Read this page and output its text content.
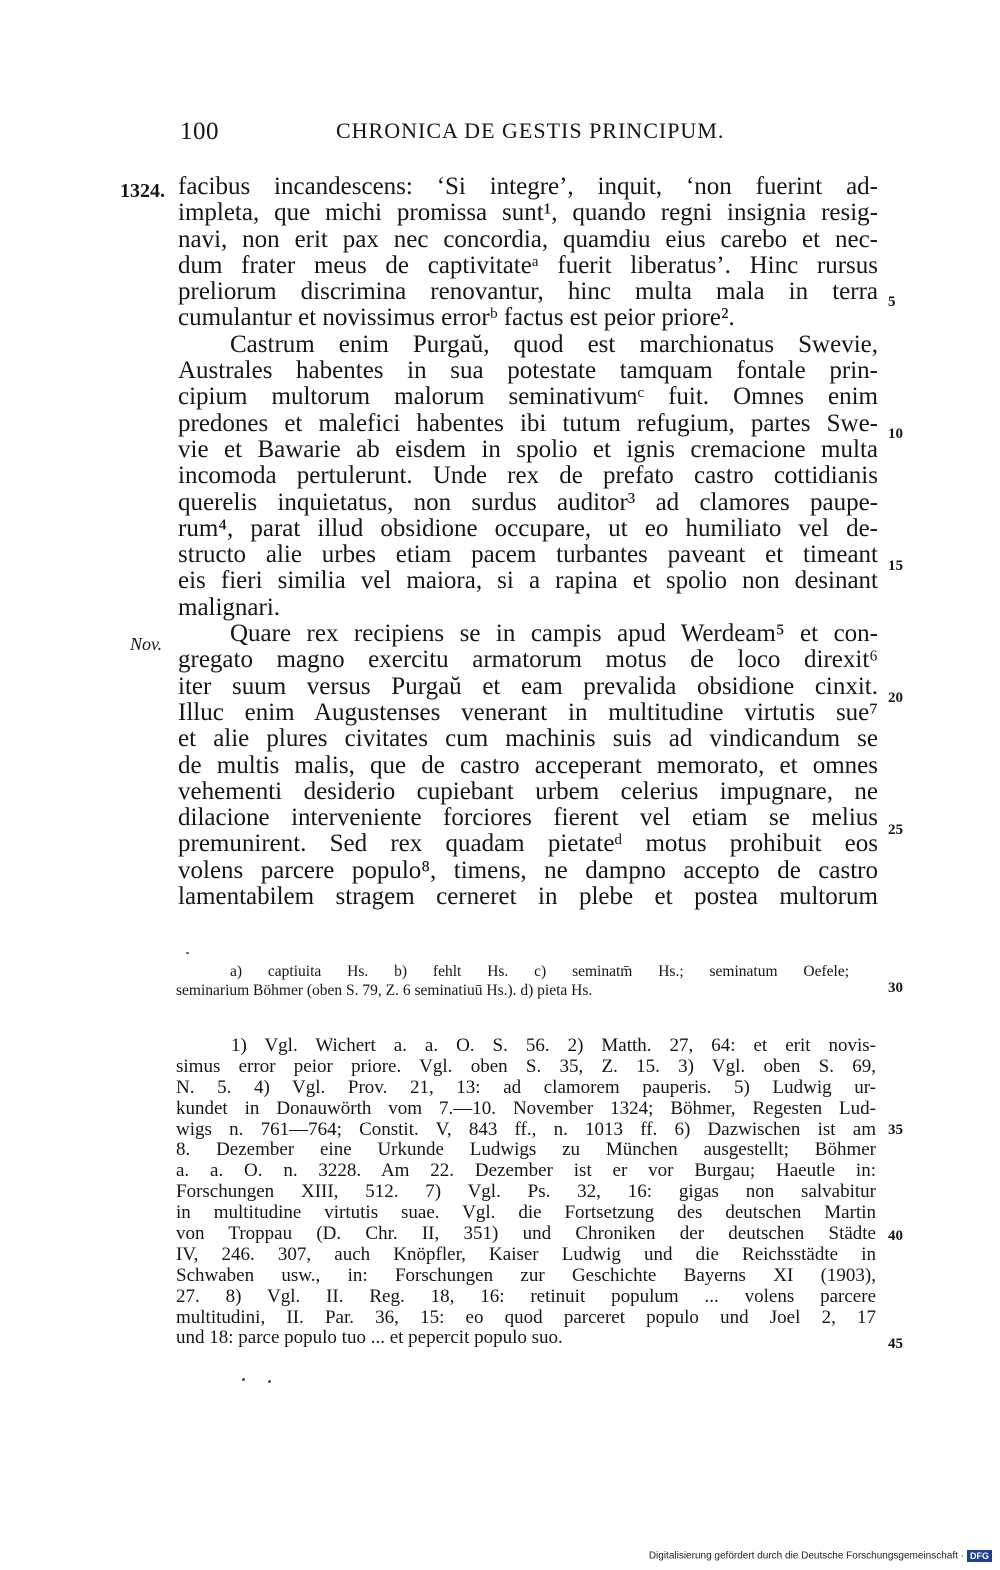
100	CHRONICA DE GESTIS PRINCIPUM.
1324.
Nov.
facibus incandescens: ‘Si integre’, inquit, ‘non fuerint ad-
impleta, que michi promissa sunt¹, quando regni insignia resig-
navi, non erit pax nec concordia, quamdiu eius carebo et nec-
dum frater meus de captivitateᵃ fuerit liberatus’. Hinc rursus
preliorum discrimina renovantur, hinc multa mala in terra
cumulantur et novissimus errorᵇ factus est peior priore².
Castrum enim Purgaŭ, quod est marchionatus Swevie,
Australes habentes in sua potestate tamquam fontale prin-
cipium multorum malorum seminativumᶜ fuit. Omnes enim
predones et malefici habentes ibi tutum refugium, partes Swe-
vie et Bawarie ab eisdem in spolio et ignis cremacione multa
incomoda pertulerunt. Unde rex de prefato castro cottidianis
querelis inquietatus, non surdus auditor³ ad clamores paupe-
rum⁴, parat illud obsidione occupare, ut eo humiliato vel de-
structo alie urbes etiam pacem turbantes paveant et timeant
eis fieri similia vel maiora, si a rapina et spolio non desinant
malignari.
Quare rex recipiens se in campis apud Werdeam⁵ et con-
gregato magno exercitu armatorum motus de loco direxit⁶
iter suum versus Purgaŭ et eam prevalida obsidione cinxit.
Illuc enim Augustenses venerant in multitudine virtutis sue⁷
et alie plures civitates cum machinis suis ad vindicandum se
de multis malis, que de castro acceperant memorato, et omnes
vehementi desiderio cupiebant urbem celerius impugnare, ne
dilacione interveniente forciores fierent vel etiam se melius
premunirent. Sed rex quadam pietateᵈ motus prohibuit eos
volens parcere populo⁸, timens, ne dampno accepto de castro
lamentabilem stragem cerneret in plebe et postea multorum
5
10
15
20
25
30
35
40
45
a) captiuita Hs. b) fehlt Hs. c) seminatm̄ Hs.; seminatum Oefele;
seminarium Böhmer (oben S. 79, Z. 6 seminatiuū Hs.). d) pieta Hs.
1) Vgl. Wichert a. a. O. S. 56. 2) Matth. 27, 64: et erit novis-
simus error peior priore. Vgl. oben S. 35, Z. 15. 3) Vgl. oben S. 69,
N. 5. 4) Vgl. Prov. 21, 13: ad clamorem pauperis. 5) Ludwig ur-
kundet in Donauwörth vom 7.—10. November 1324; Böhmer, Regesten Lud-
wigs n. 761—764; Constit. V, 843 ff., n. 1013 ff. 6) Dazwischen ist am
8. Dezember eine Urkunde Ludwigs zu München ausgestellt; Böhmer
a. a. O. n. 3228. Am 22. Dezember ist er vor Burgau; Haeutle in:
Forschungen XIII, 512. 7) Vgl. Ps. 32, 16: gigas non salvabitur
in multitudine virtutis suae. Vgl. die Fortsetzung des deutschen Martin
von Troppau (D. Chr. II, 351) und Chroniken der deutschen Städte
IV, 246. 307, auch Knöpfler, Kaiser Ludwig und die Reichsstädte in
Schwaben usw., in: Forschungen zur Geschichte Bayerns XI (1903),
27. 8) Vgl. II. Reg. 18, 16: retinuit populum ... volens parcere
multitudini, II. Par. 36, 15: eo quod parceret populo und Joel 2, 17
und 18: parce populo tuo ... et pepercit populo suo.
Digitalisierung gefördert durch die Deutsche Forschungsgemeinschaft · DFG
